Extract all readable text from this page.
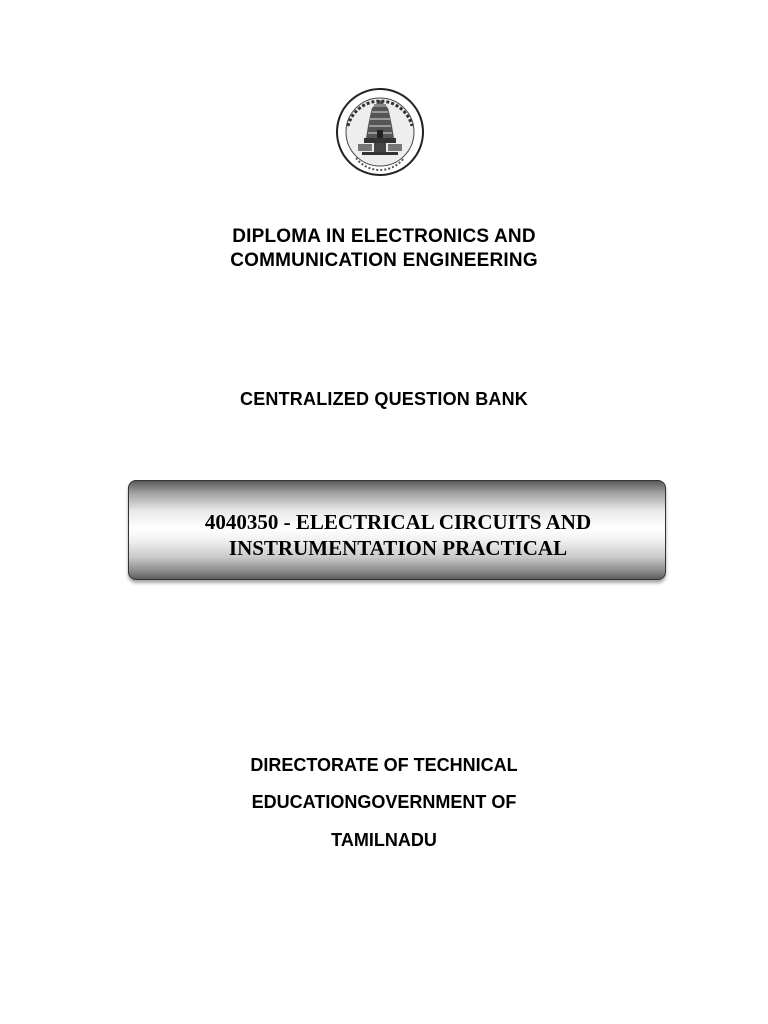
DIPLOMA IN ELECTRONICS AND
COMMUNICATION ENGINEERING
CENTRALIZED QUESTION BANK
4040350 - ELECTRICAL CIRCUITS AND
INSTRUMENTATION PRACTICAL
DIRECTORATE OF TECHNICAL
EDUCATIONGOVERNMENT OF
TAMILNADU
